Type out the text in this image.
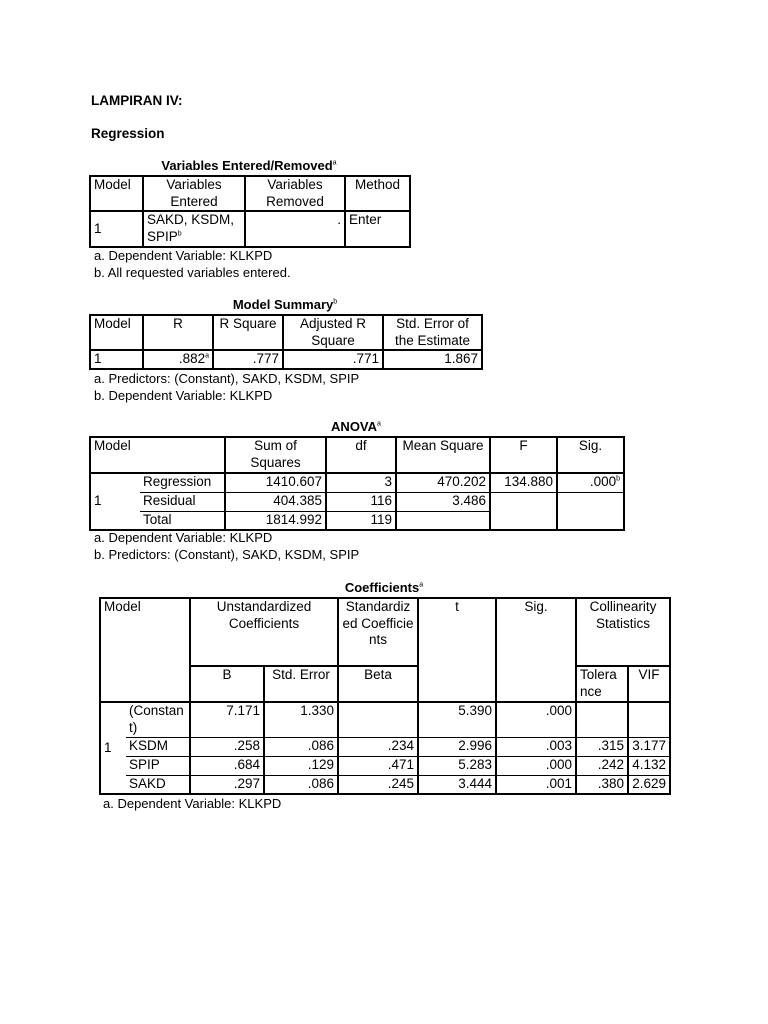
LAMPIRAN IV:
Regression
Variables Entered/Removed$^a$
Model	Variables Entered	Variables Removed	Method
1	SAKD, KSDM, SPIP$^b$	.	Enter
a. Dependent Variable: KLKPD
b. All requested variables entered.
Model Summary$^b$
Model	R	R Square	Adjusted R Square	Std. Error of the Estimate
1	.882$^a$	.777	.771	1.867
a. Predictors: (Constant), SAKD, KSDM, SPIP
b. Dependent Variable: KLKPD
ANOVA$^a$
Model		Sum of Squares	df	Mean Square	F	Sig.
1	Regression	1410.607	3	470.202	134.880	.000$^b$
	Residual	404.385	116	3.486		
	Total	1814.992	119			
a. Dependent Variable: KLKPD
b. Predictors: (Constant), SAKD, KSDM, SPIP
Coefficients$^a$
Model		Unstandardized Coefficients		Standardized Coefficients	t	Sig.	Collinearity Statistics	
		B	Std. Error	Beta			Tolerance	VIF
1	(Constant)	7.171	1.330		5.390	.000		
	KSDM	.258	.086	.234	2.996	.003	.315	3.177
	SPIP	.684	.129	.471	5.283	.000	.242	4.132
	SAKD	.297	.086	.245	3.444	.001	.380	2.629
a. Dependent Variable: KLKPD
